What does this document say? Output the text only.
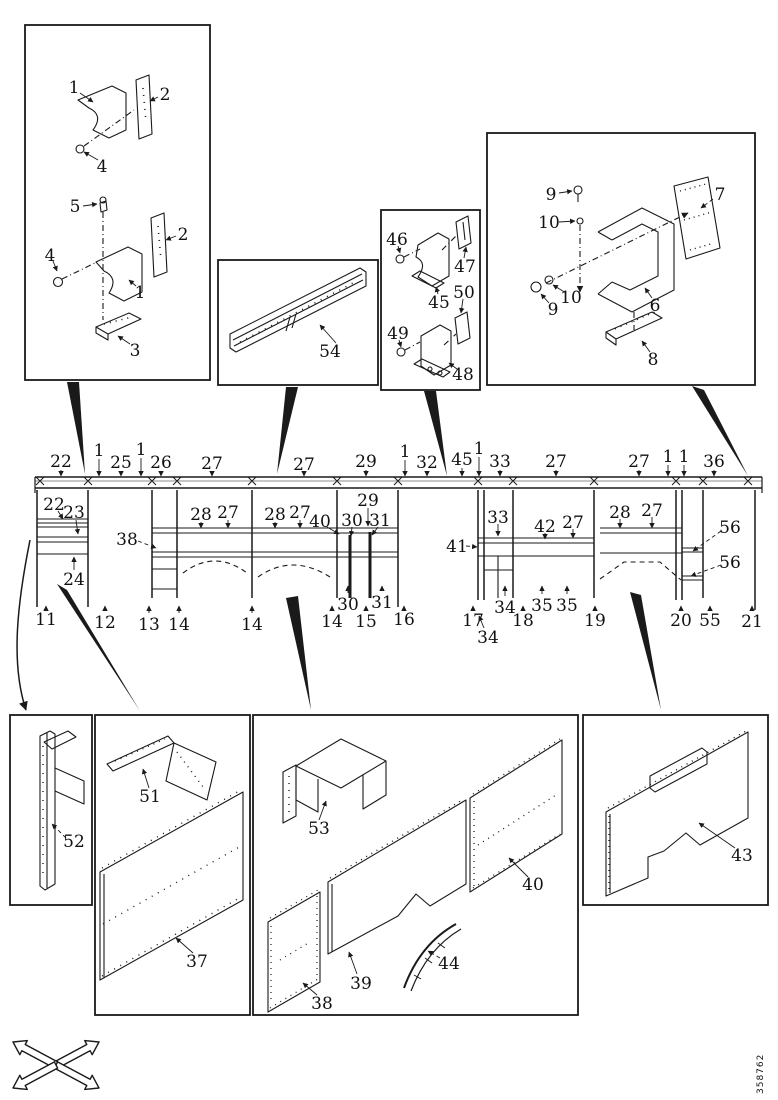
22
1
25
1
26 27	27 29 1
32 45
1
33 27	27 1 1 36
22
23
38
24
28 27 28 27
40
29
30 31	33
41
42 27 28 27
56
56
11 12 13 14	14
30 31
14 15 16	17
34
34
18
35 35
19	20 55 21
1	2
4
5
2
4
1
3	54
46
47
45 50
49
48
9
10
7
10
9	6
8
52
51
37
53
40
39
38
44
43
358762
